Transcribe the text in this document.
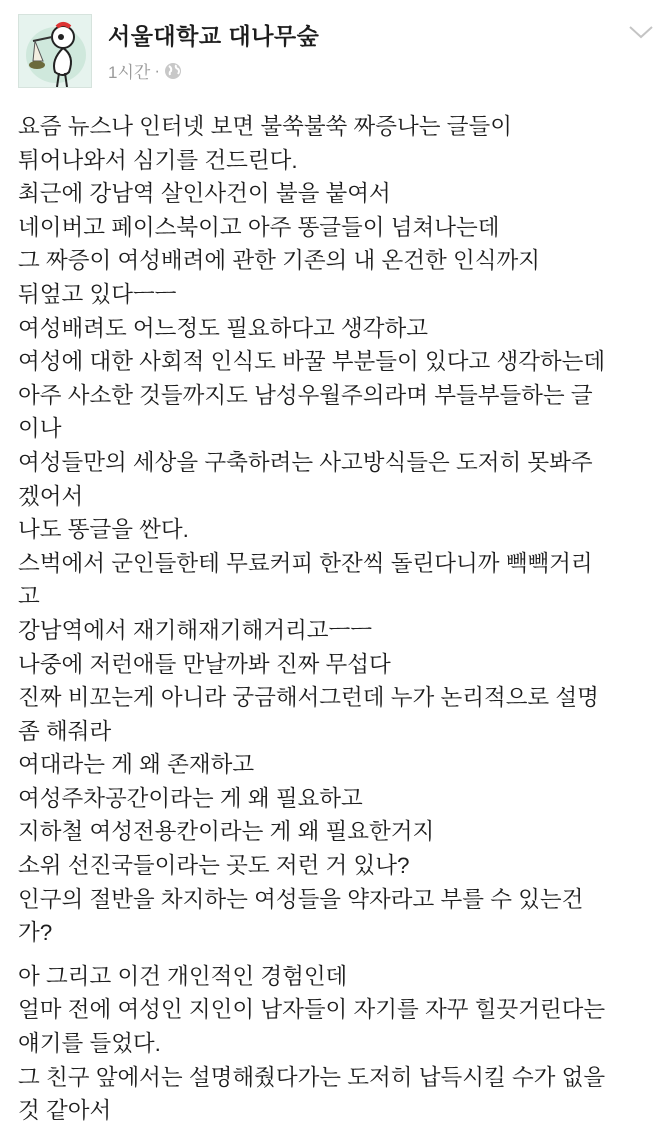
서울대학교 대나무숲
1시간 ·
요즘 뉴스나 인터넷 보면 불쑥불쑥 짜증나는 글들이
튀어나와서 심기를 건드린다.
최근에 강남역 살인사건이 불을 붙여서
네이버고 페이스북이고 아주 똥글들이 넘쳐나는데
그 짜증이 여성배려에 관한 기존의 내 온건한 인식까지
뒤엎고 있다ㅡㅡ
여성배려도 어느정도 필요하다고 생각하고
여성에 대한 사회적 인식도 바꿀 부분들이 있다고 생각하는데
아주 사소한 것들까지도 남성우월주의라며 부들부들하는 글
이나
여성들만의 세상을 구축하려는 사고방식들은 도저히 못봐주
겠어서
나도 똥글을 싼다.
스벅에서 군인들한테 무료커피 한잔씩 돌린다니까 빽빽거리
고
강남역에서 재기해재기해거리고ㅡㅡ
나중에 저런애들 만날까봐 진짜 무섭다
진짜 비꼬는게 아니라 궁금해서그런데 누가 논리적으로 설명
좀 해줘라
여대라는 게 왜 존재하고
여성주차공간이라는 게 왜 필요하고
지하철 여성전용칸이라는 게 왜 필요한거지
소위 선진국들이라는 곳도 저런 거 있나?
인구의 절반을 차지하는 여성들을 약자라고 부를 수 있는건
가?
아 그리고 이건 개인적인 경험인데
얼마 전에 여성인 지인이 남자들이 자기를 자꾸 힐끗거린다는
얘기를 들었다.
그 친구 앞에서는 설명해줬다가는 도저히 납득시킬 수가 없을
것 같아서
